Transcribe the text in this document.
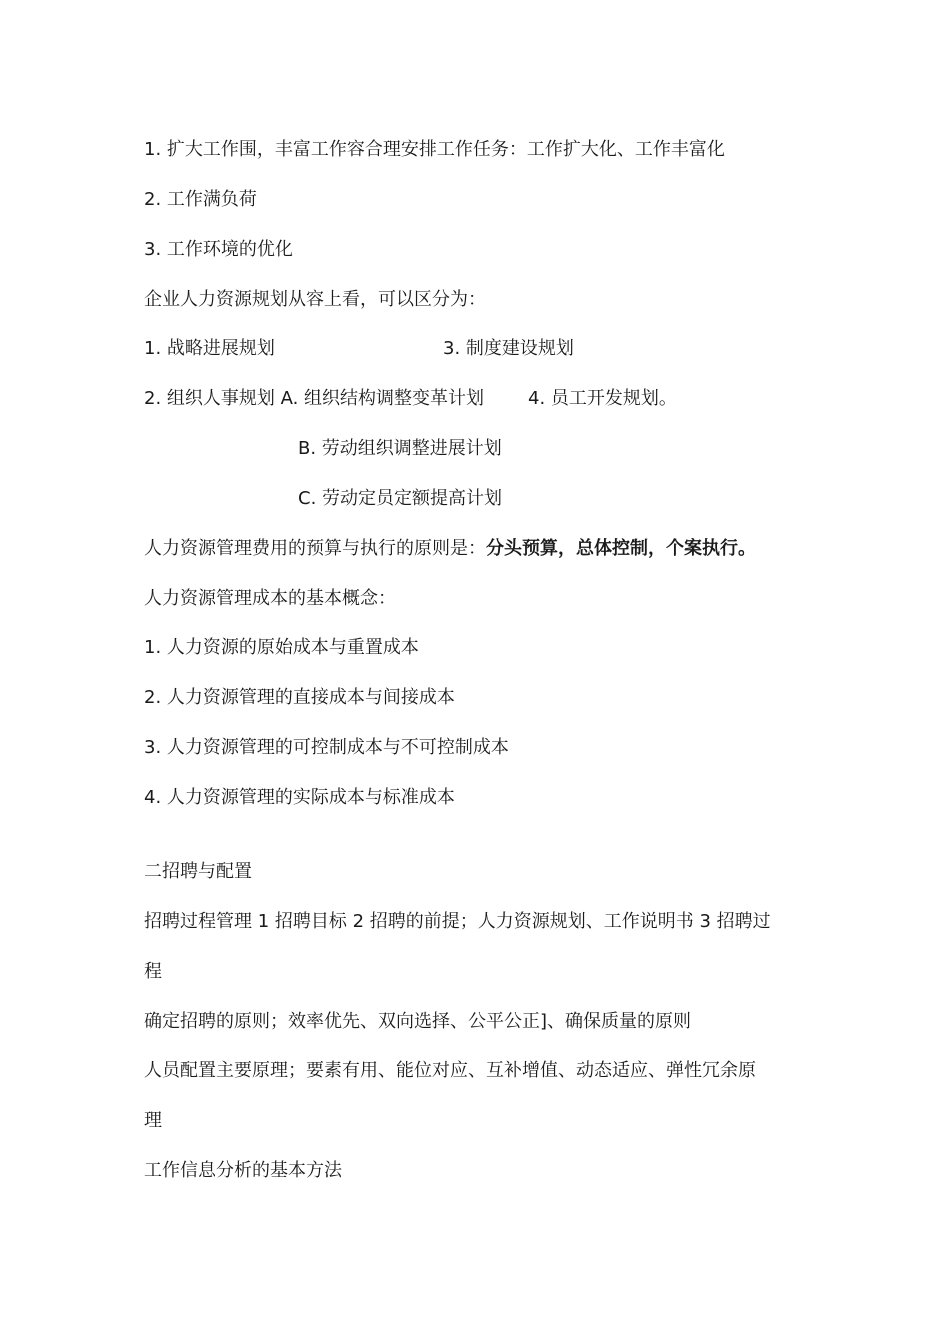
1. 扩大工作围，丰富工作容合理安排工作任务：工作扩大化、工作丰富化
2. 工作满负荷
3. 工作环境的优化
企业人力资源规划从容上看，可以区分为：
1. 战略进展规划	3. 制度建设规划
2. 组织人事规划 A. 组织结构调整变革计划 4. 员工开发规划。
B. 劳动组织调整进展计划
C. 劳动定员定额提高计划
人力资源管理费用的预算与执行的原则是：分头预算，总体控制，个案执行。
人力资源管理成本的基本概念：
1. 人力资源的原始成本与重置成本
2. 人力资源管理的直接成本与间接成本
3. 人力资源管理的可控制成本与不可控制成本
4. 人力资源管理的实际成本与标准成本
二招聘与配置
招聘过程管理 1 招聘目标 2 招聘的前提；人力资源规划、工作说明书 3 招聘过
程
确定招聘的原则；效率优先、双向选择、公平公正]、确保质量的原则
人员配置主要原理；要素有用、能位对应、互补增值、动态适应、弹性冗余原
理
工作信息分析的基本方法
